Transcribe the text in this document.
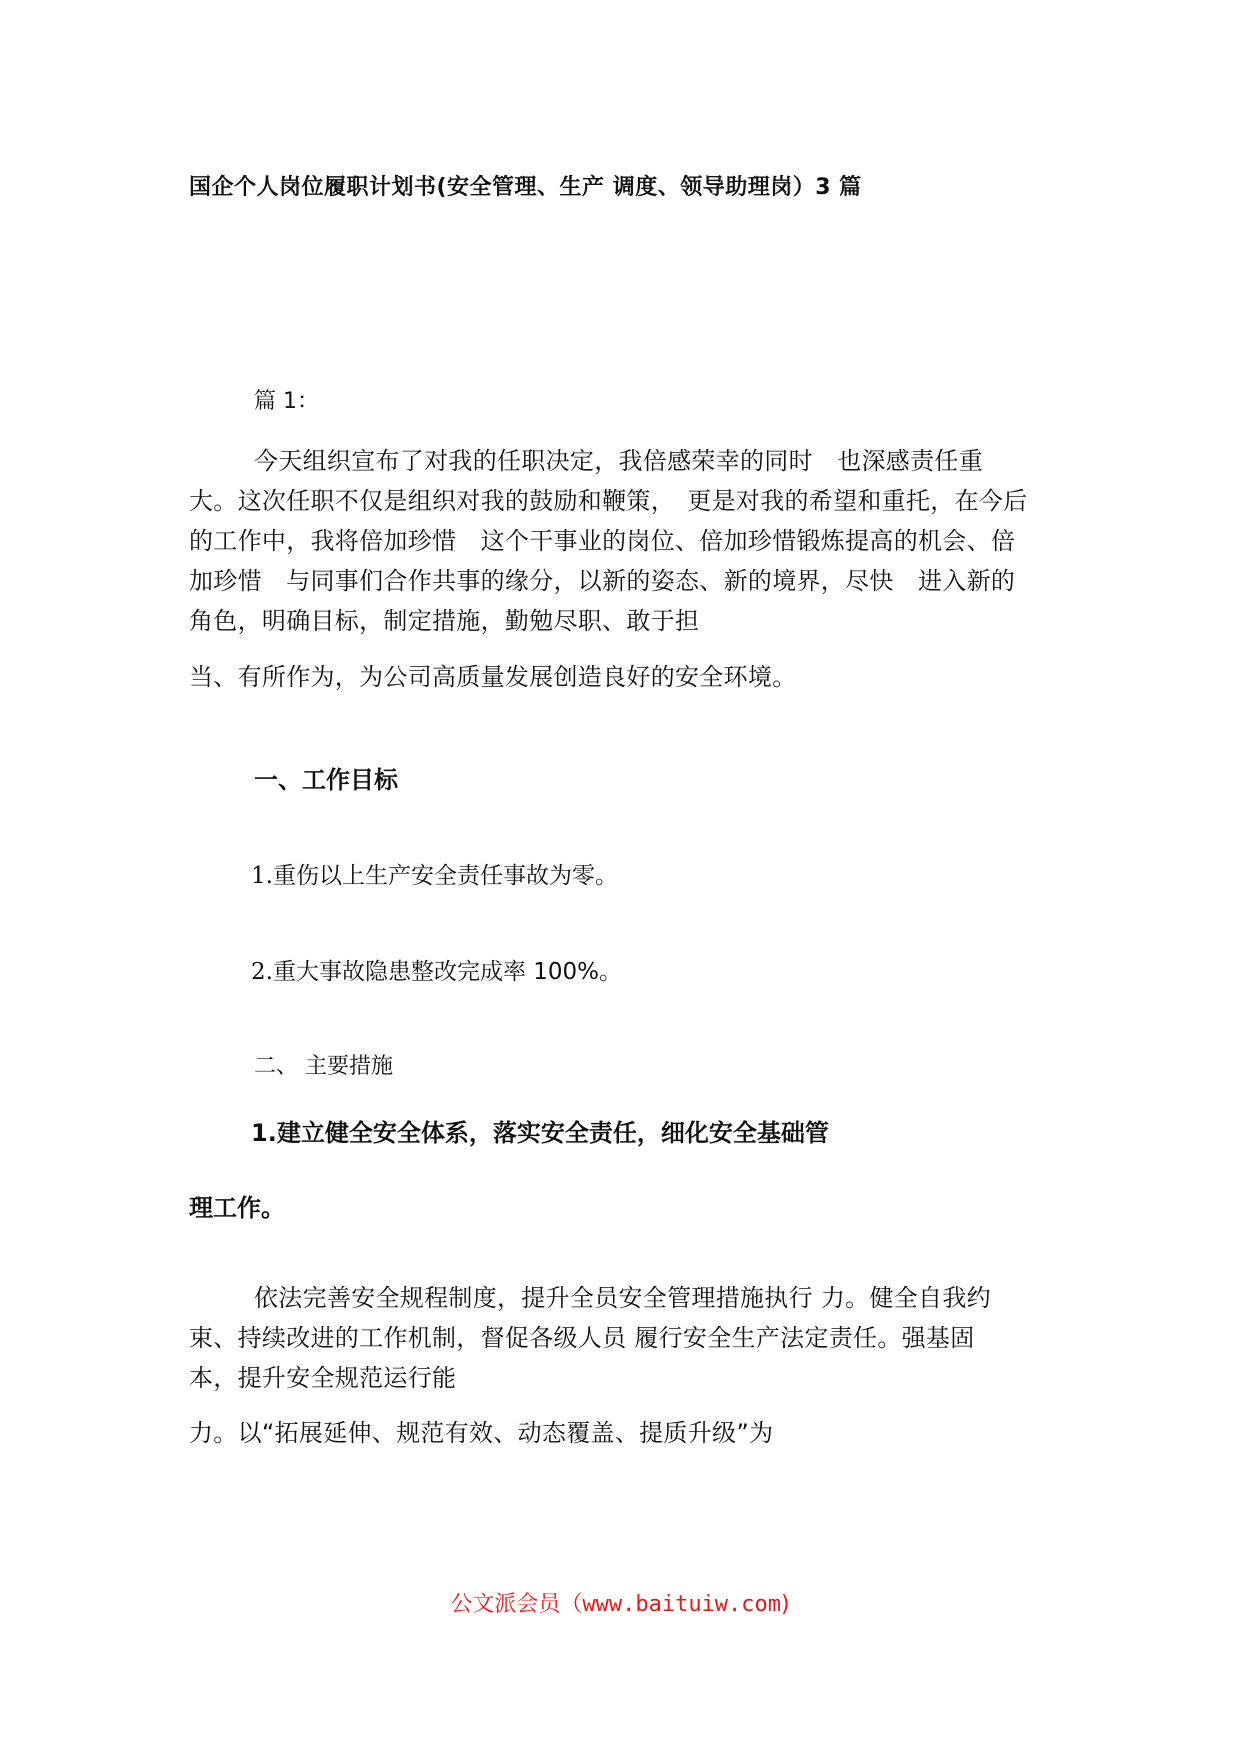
国企个人岗位履职计划书(安全管理、生产 调度、领导助理岗）3 篇
篇 1：
今天组织宣布了对我的任职决定，我倍感荣幸的同时　也深感责任重
大。这次任职不仅是组织对我的鼓励和鞭策，　更是对我的希望和重托，在今后
的工作中，我将倍加珍惜　这个干事业的岗位、倍加珍惜锻炼提高的机会、倍
加珍惜　与同事们合作共事的缘分，以新的姿态、新的境界，尽快　进入新的
角色，明确目标，制定措施，勤勉尽职、敢于担
当、有所作为，为公司高质量发展创造良好的安全环境。
一、工作目标
1.重伤以上生产安全责任事故为零。
2.重大事故隐患整改完成率 100%。
二、 主要措施
1.建立健全安全体系，落实安全责任，细化安全基础管
理工作。
依法完善安全规程制度，提升全员安全管理措施执行 力。健全自我约
束、持续改进的工作机制，督促各级人员 履行安全生产法定责任。强基固
本，提升安全规范运行能
力。以“拓展延伸、规范有效、动态覆盖、提质升级”为
公文派会员（www.baituiw.com)
